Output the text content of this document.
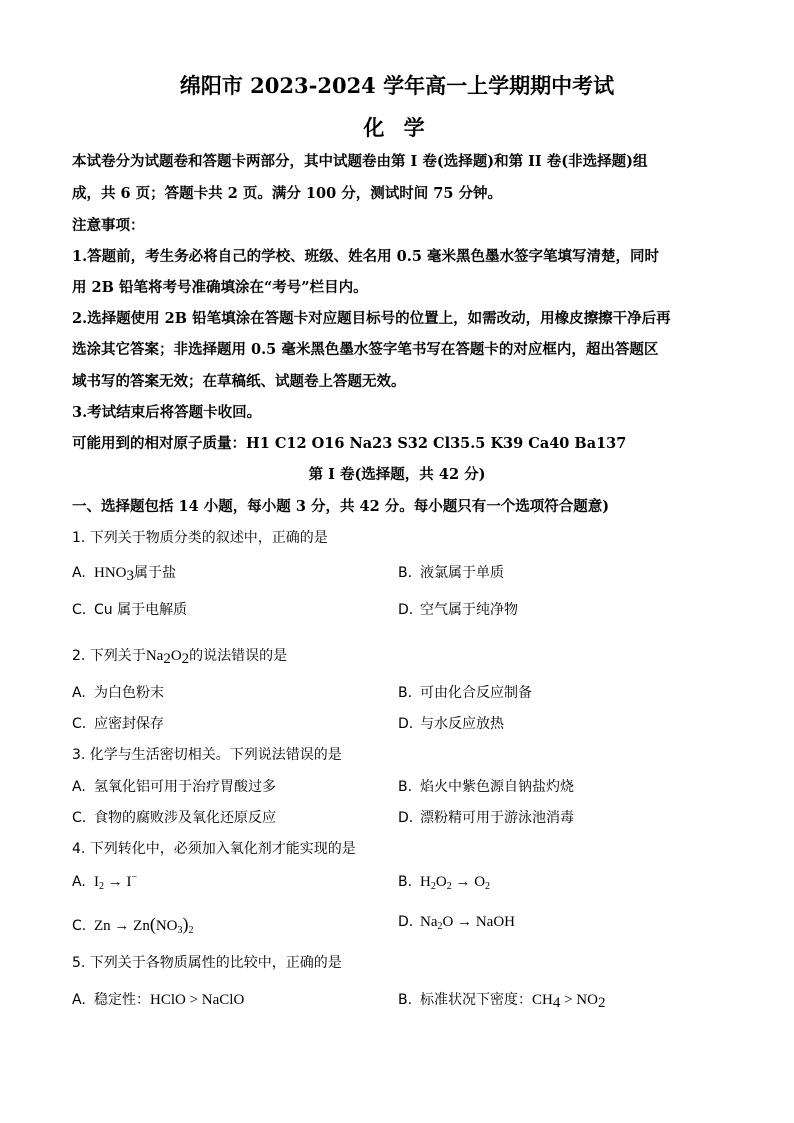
绵阳市 2023-2024 学年高一上学期期中考试
化 学
本试卷分为试题卷和答题卡两部分，其中试题卷由第 I 卷(选择题)和第 II 卷(非选择题)组
成，共 6 页；答题卡共 2 页。满分 100 分，测试时间 75 分钟。
注意事项：
1.答题前，考生务必将自己的学校、班级、姓名用 0.5 毫米黑色墨水签字笔填写清楚，同时
用 2B 铅笔将考号准确填涂在“考号”栏目内。
2.选择题使用 2B 铅笔填涂在答题卡对应题目标号的位置上，如需改动，用橡皮擦擦干净后再
选涂其它答案；非选择题用 0.5 毫米黑色墨水签字笔书写在答题卡的对应框内，超出答题区
域书写的答案无效；在草稿纸、试题卷上答题无效。
3.考试结束后将答题卡收回。
可能用到的相对原子质量：H1 C12 O16 Na23 S32 Cl35.5 K39 Ca40 Ba137
第 I 卷(选择题，共 42 分)
一、选择题包括 14 小题，每小题 3 分，共 42 分。每小题只有一个选项符合题意)
1. 下列关于物质分类的叙述中，正确的是
A. $HNO_3$属于盐	B. 液氯属于单质
C. Cu 属于电解质	D. 空气属于纯净物
2. 下列关于$Na_2O_2$的说法错误的是
A. 为白色粉末	B. 可由化合反应制备
C. 应密封保存	D. 与水反应放热
3. 化学与生活密切相关。下列说法错误的是
A. 氢氧化铝可用于治疗胃酸过多	B. 焰火中紫色源自钠盐灼烧
C. 食物的腐败涉及氧化还原反应	D. 漂粉精可用于游泳池消毒
4. 下列转化中，必须加入氧化剂才能实现的是
A. $I_2 \to I^-$	B. $H_2O_2 \to O_2$
C. $Zn \to Zn(NO_3)_2$
D. $Na_2O$ → NaOH
5. 下列关于各物质属性的比较中，正确的是
A. 稳定性：HClO > NaClO	B. 标准状况下密度：$CH_4 > NO_2$
